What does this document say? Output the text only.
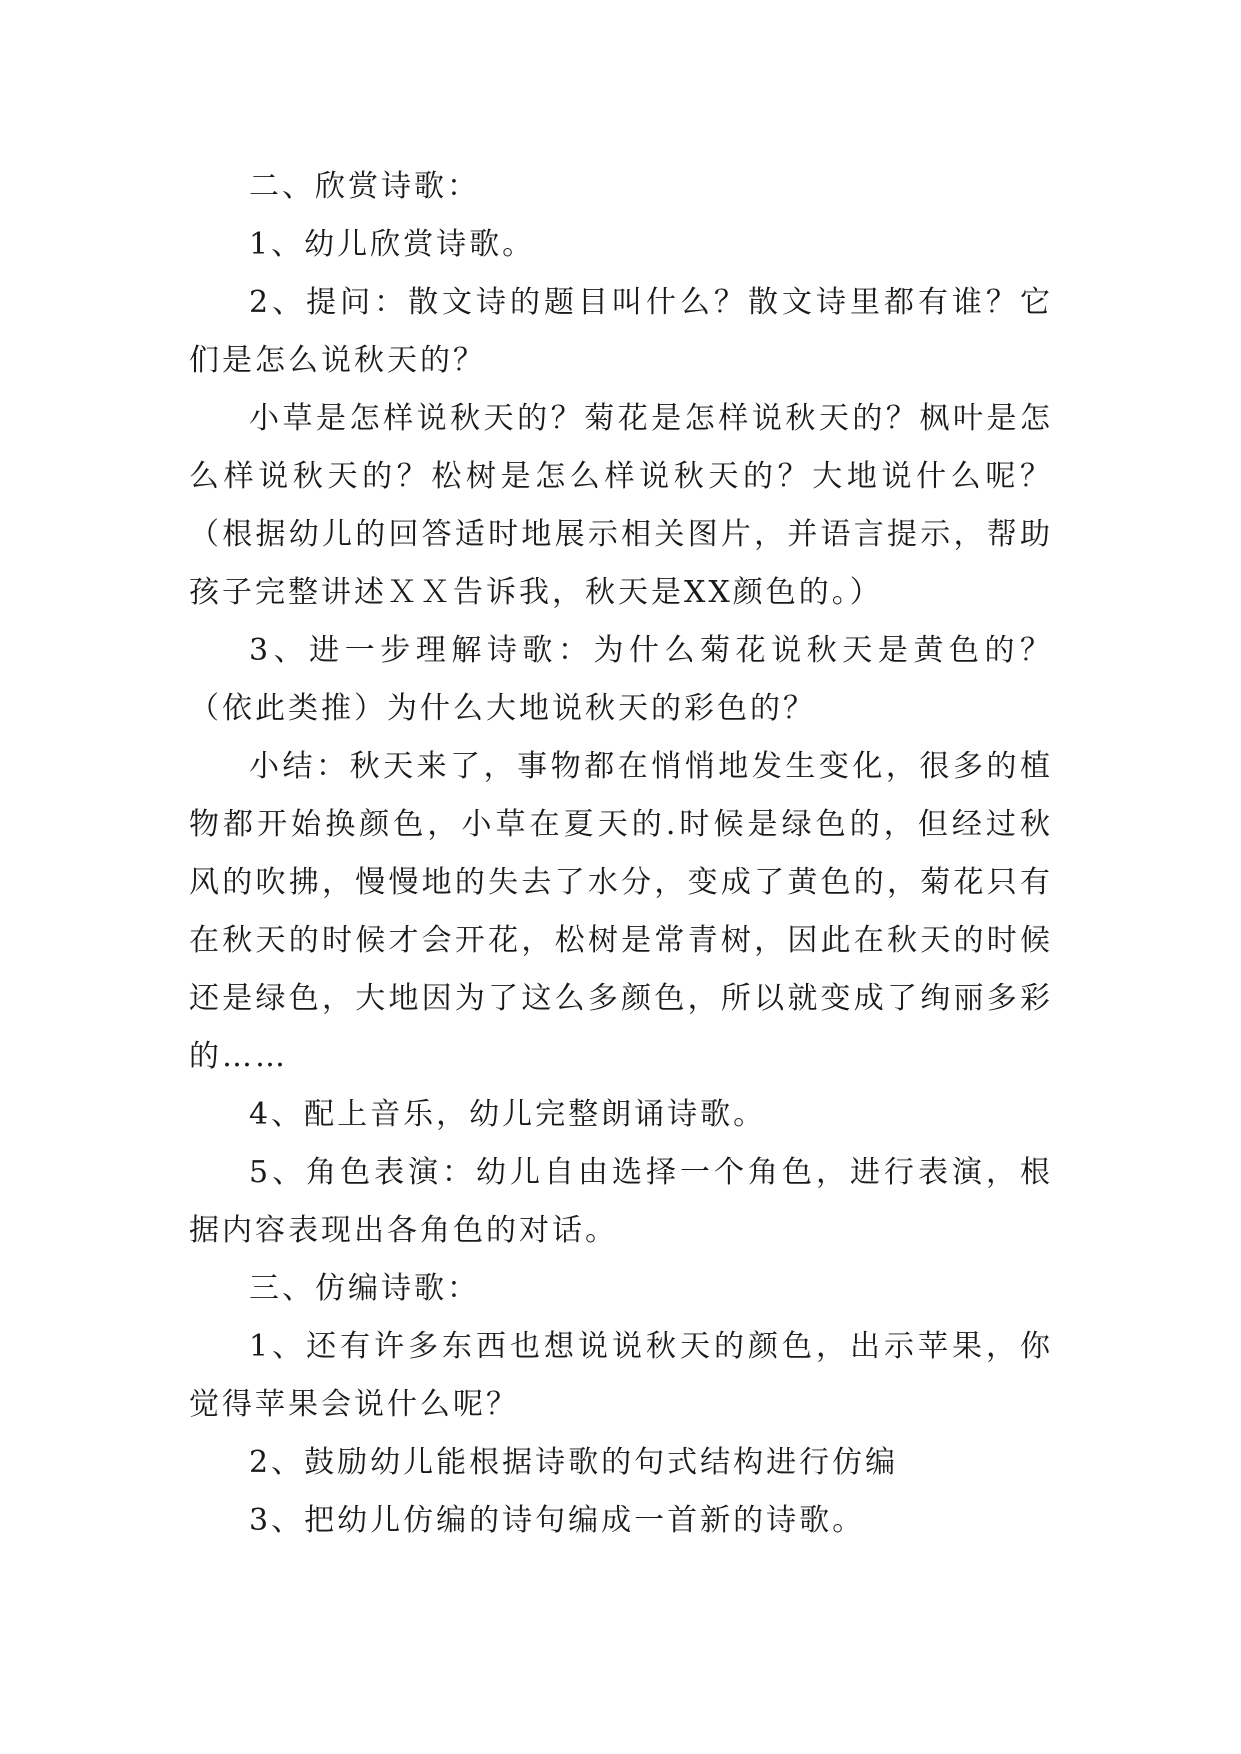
二、欣赏诗歌：

1、幼儿欣赏诗歌。

2、提问：散文诗的题目叫什么？散文诗里都有谁？它们是怎么说秋天的？

小草是怎样说秋天的？菊花是怎样说秋天的？枫叶是怎么样说秋天的？松树是怎么样说秋天的？大地说什么呢？（根据幼儿的回答适时地展示相关图片，并语言提示，帮助孩子完整讲述ＸＸ告诉我，秋天是XX颜色的。）

3、进一步理解诗歌：为什么菊花说秋天是黄色的？（依此类推）为什么大地说秋天的彩色的？

小结：秋天来了，事物都在悄悄地发生变化，很多的植物都开始换颜色，小草在夏天的.时候是绿色的，但经过秋风的吹拂，慢慢地的失去了水分，变成了黄色的，菊花只有在秋天的时候才会开花，松树是常青树，因此在秋天的时候还是绿色，大地因为了这么多颜色，所以就变成了绚丽多彩的……

4、配上音乐，幼儿完整朗诵诗歌。

5、角色表演：幼儿自由选择一个角色，进行表演，根据内容表现出各角色的对话。

三、仿编诗歌：

1、还有许多东西也想说说秋天的颜色，出示苹果，你觉得苹果会说什么呢？

2、鼓励幼儿能根据诗歌的句式结构进行仿编

3、把幼儿仿编的诗句编成一首新的诗歌。
